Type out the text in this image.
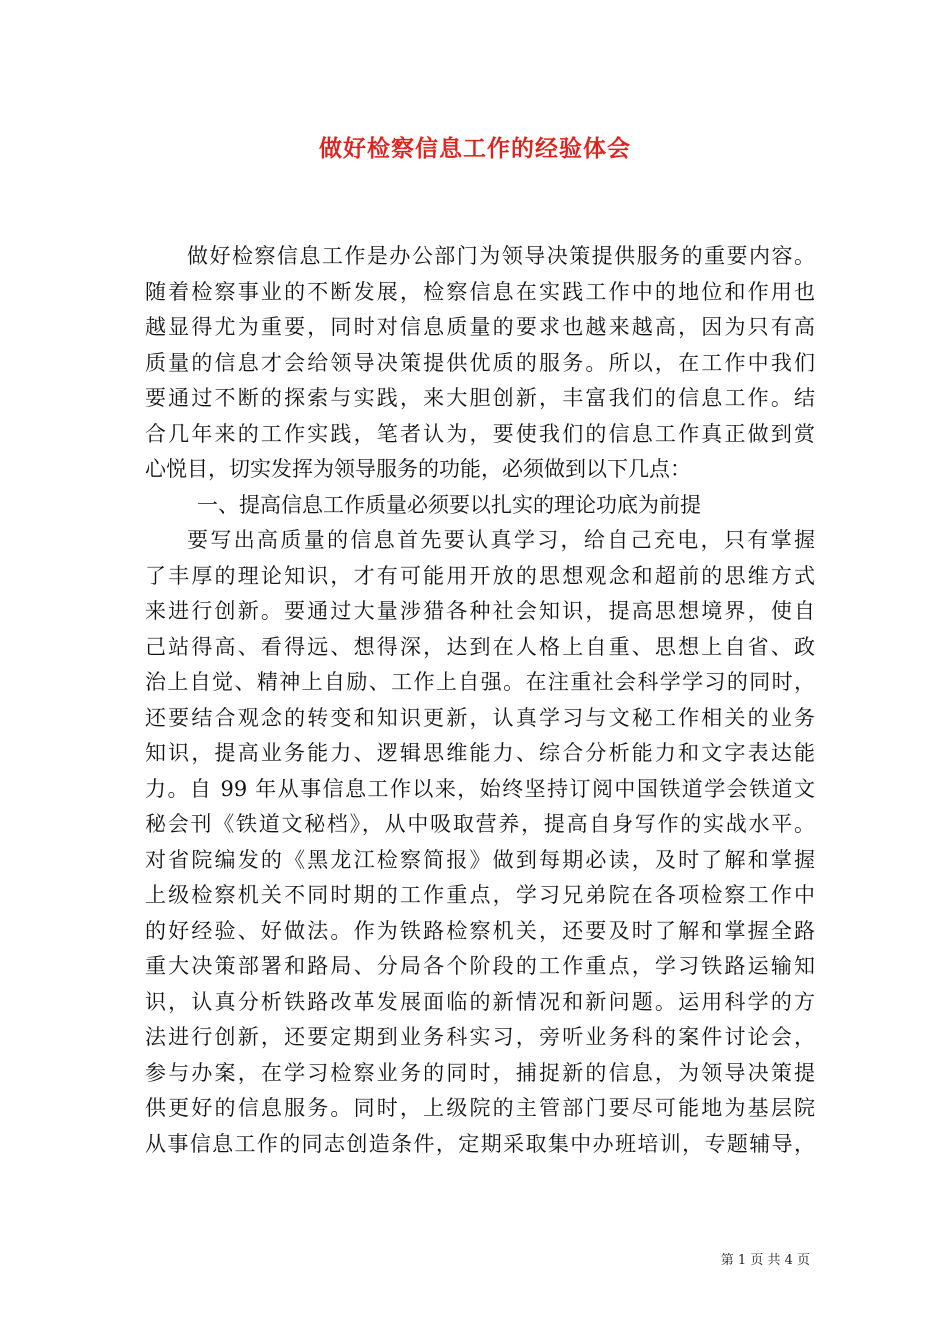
做好检察信息工作的经验体会
做好检察信息工作是办公部门为领导决策提供服务的重要内容。
随着检察事业的不断发展，检察信息在实践工作中的地位和作用也
越显得尤为重要，同时对信息质量的要求也越来越高，因为只有高
质量的信息才会给领导决策提供优质的服务。所以，在工作中我们
要通过不断的探索与实践，来大胆创新，丰富我们的信息工作。结
合几年来的工作实践，笔者认为，要使我们的信息工作真正做到赏
心悦目，切实发挥为领导服务的功能，必须做到以下几点：
一、提高信息工作质量必须要以扎实的理论功底为前提
要写出高质量的信息首先要认真学习，给自己充电，只有掌握
了丰厚的理论知识，才有可能用开放的思想观念和超前的思维方式
来进行创新。要通过大量涉猎各种社会知识，提高思想境界，使自
己站得高、看得远、想得深，达到在人格上自重、思想上自省、政
治上自觉、精神上自励、工作上自强。在注重社会科学学习的同时，
还要结合观念的转变和知识更新，认真学习与文秘工作相关的业务
知识，提高业务能力、逻辑思维能力、综合分析能力和文字表达能
力。自 99 年从事信息工作以来，始终坚持订阅中国铁道学会铁道文
秘会刊《铁道文秘档》，从中吸取营养，提高自身写作的实战水平。
对省院编发的《黑龙江检察简报》做到每期必读，及时了解和掌握
上级检察机关不同时期的工作重点，学习兄弟院在各项检察工作中
的好经验、好做法。作为铁路检察机关，还要及时了解和掌握全路
重大决策部署和路局、分局各个阶段的工作重点，学习铁路运输知
识，认真分析铁路改革发展面临的新情况和新问题。运用科学的方
法进行创新，还要定期到业务科实习，旁听业务科的案件讨论会，
参与办案，在学习检察业务的同时，捕捉新的信息，为领导决策提
供更好的信息服务。同时，上级院的主管部门要尽可能地为基层院
从事信息工作的同志创造条件，定期采取集中办班培训，专题辅导，
第 1 页 共 4 页
